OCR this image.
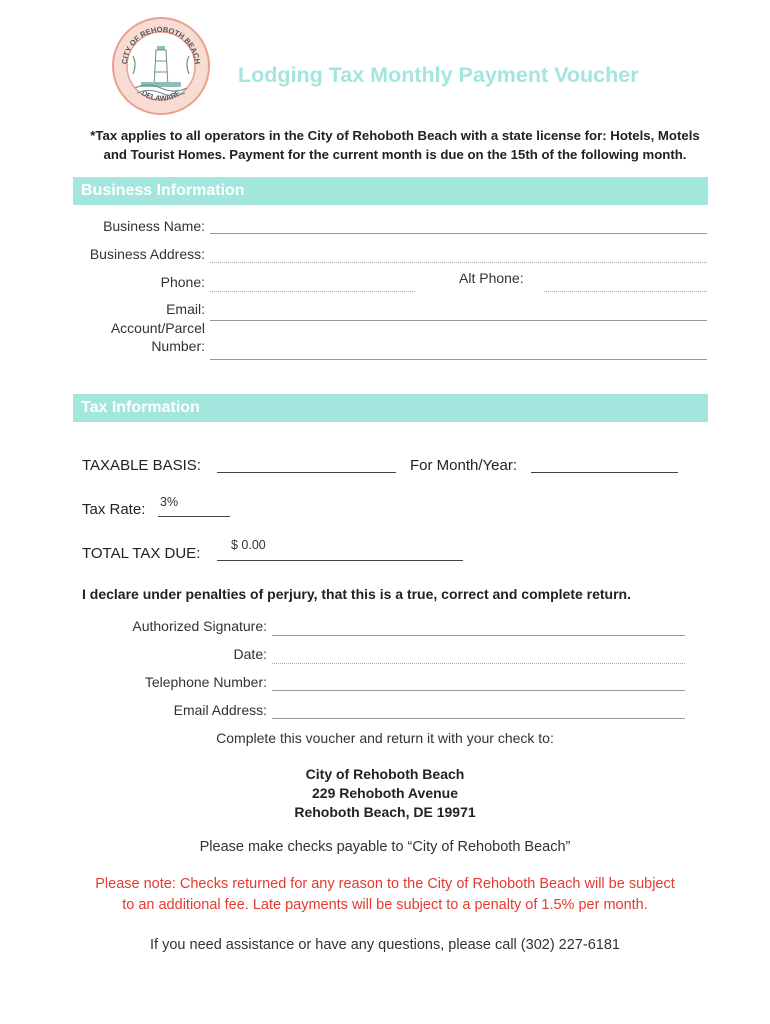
CITY OF REHOBOTH BEACH
DELAWARE
Lodging Tax Monthly Payment Voucher
*Tax applies to all operators in the City of Rehoboth Beach with a state license for: Hotels, Motels
and Tourist Homes. Payment for the current month is due on the 15th of the following month.
Business Information
Business Name:
Business Address:
Phone:	Alt Phone:
Email:
Account/Parcel
Number:
Tax Information
TAXABLE BASIS:	For Month/Year:
Tax Rate: 3%
TOTAL TAX DUE: $ 0.00
I declare under penalties of perjury, that this is a true, correct and complete return.
Authorized Signature:
Date:
Telephone Number:
Email Address:
Complete this voucher and return it with your check to:
City of Rehoboth Beach
229 Rehoboth Avenue
Rehoboth Beach, DE 19971
Please make checks payable to “City of Rehoboth Beach”
Please note: Checks returned for any reason to the City of Rehoboth Beach will be subject
to an additional fee. Late payments will be subject to a penalty of 1.5% per month.
If you need assistance or have any questions, please call (302) 227-6181
